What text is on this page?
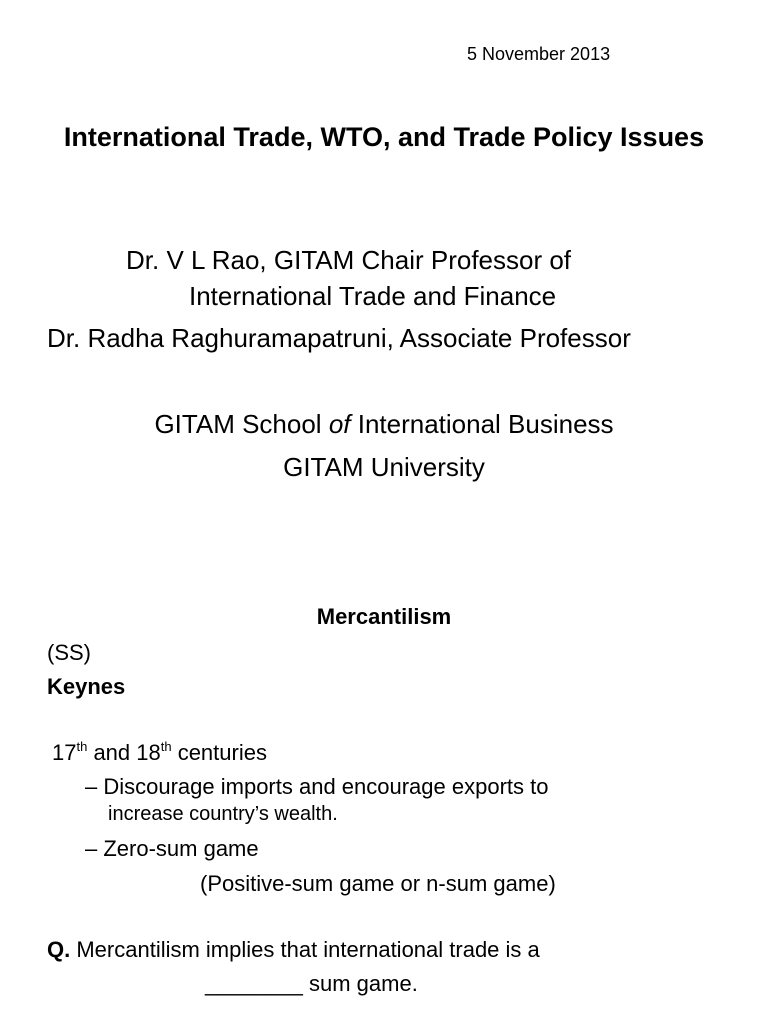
5 November 2013
International Trade, WTO, and Trade Policy Issues
Dr. V L Rao, GITAM Chair Professor of
International Trade and Finance
Dr. Radha Raghuramapatruni, Associate Professor
GITAM School of International Business
GITAM University
Mercantilism
(SS)
Keynes
17th and 18th centuries
– Discourage imports and encourage exports to
increase country’s wealth.
– Zero-sum game
(Positive-sum game or n-sum game)
Q. Mercantilism implies that international trade is a
________ sum game.
